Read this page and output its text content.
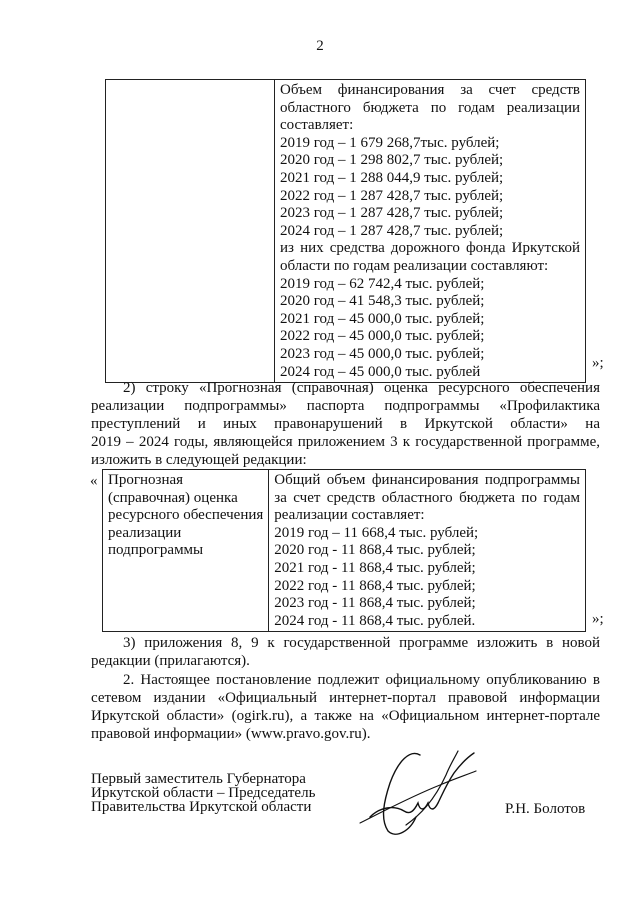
2

Объем финансирования за счет средств
областного бюджета по годам реализации
составляет:
2019 год – 1 679 268,7тыс. рублей;
2020 год – 1 298 802,7 тыс. рублей;
2021 год – 1 288 044,9 тыс. рублей;
2022 год – 1 287 428,7 тыс. рублей;
2023 год – 1 287 428,7 тыс. рублей;
2024 год – 1 287 428,7 тыс. рублей;
из них средства дорожного фонда Иркутской
области по годам реализации составляют:
2019 год – 62 742,4 тыс. рублей;
2020 год – 41 548,3 тыс. рублей;
2021 год – 45 000,0 тыс. рублей;
2022 год – 45 000,0 тыс. рублей;
2023 год – 45 000,0 тыс. рублей;
2024 год – 45 000,0 тыс. рублей
»;
2) строку «Прогнозная (справочная) оценка ресурсного обеспечения
реализации подпрограммы» паспорта подпрограммы «Профилактика
преступлений и иных правонарушений в Иркутской области» на
2019 – 2024 годы, являющейся приложением 3 к государственной программе,
изложить в следующей редакции:
« Прогнозная
(справочная) оценка
ресурсного обеспечения
реализации
подпрограммы

Общий объем финансирования подпрограммы
за счет средств областного бюджета по годам
реализации составляет:
2019 год – 11 668,4 тыс. рублей;
2020 год - 11 868,4 тыс. рублей;
2021 год - 11 868,4 тыс. рублей;
2022 год - 11 868,4 тыс. рублей;
2023 год - 11 868,4 тыс. рублей;
2024 год - 11 868,4 тыс. рублей.	»;
3) приложения 8, 9 к государственной программе изложить в новой
редакции (прилагаются).
2. Настоящее постановление подлежит официальному опубликованию в
сетевом издании «Официальный интернет-портал правовой информации
Иркутской области» (ogirk.ru), а также на «Официальном интернет-портале
правовой информации» (www.pravo.gov.ru).
Первый заместитель Губернатора
Иркутской области – Председатель
Правительства Иркутской области	Р.Н. Болотов
